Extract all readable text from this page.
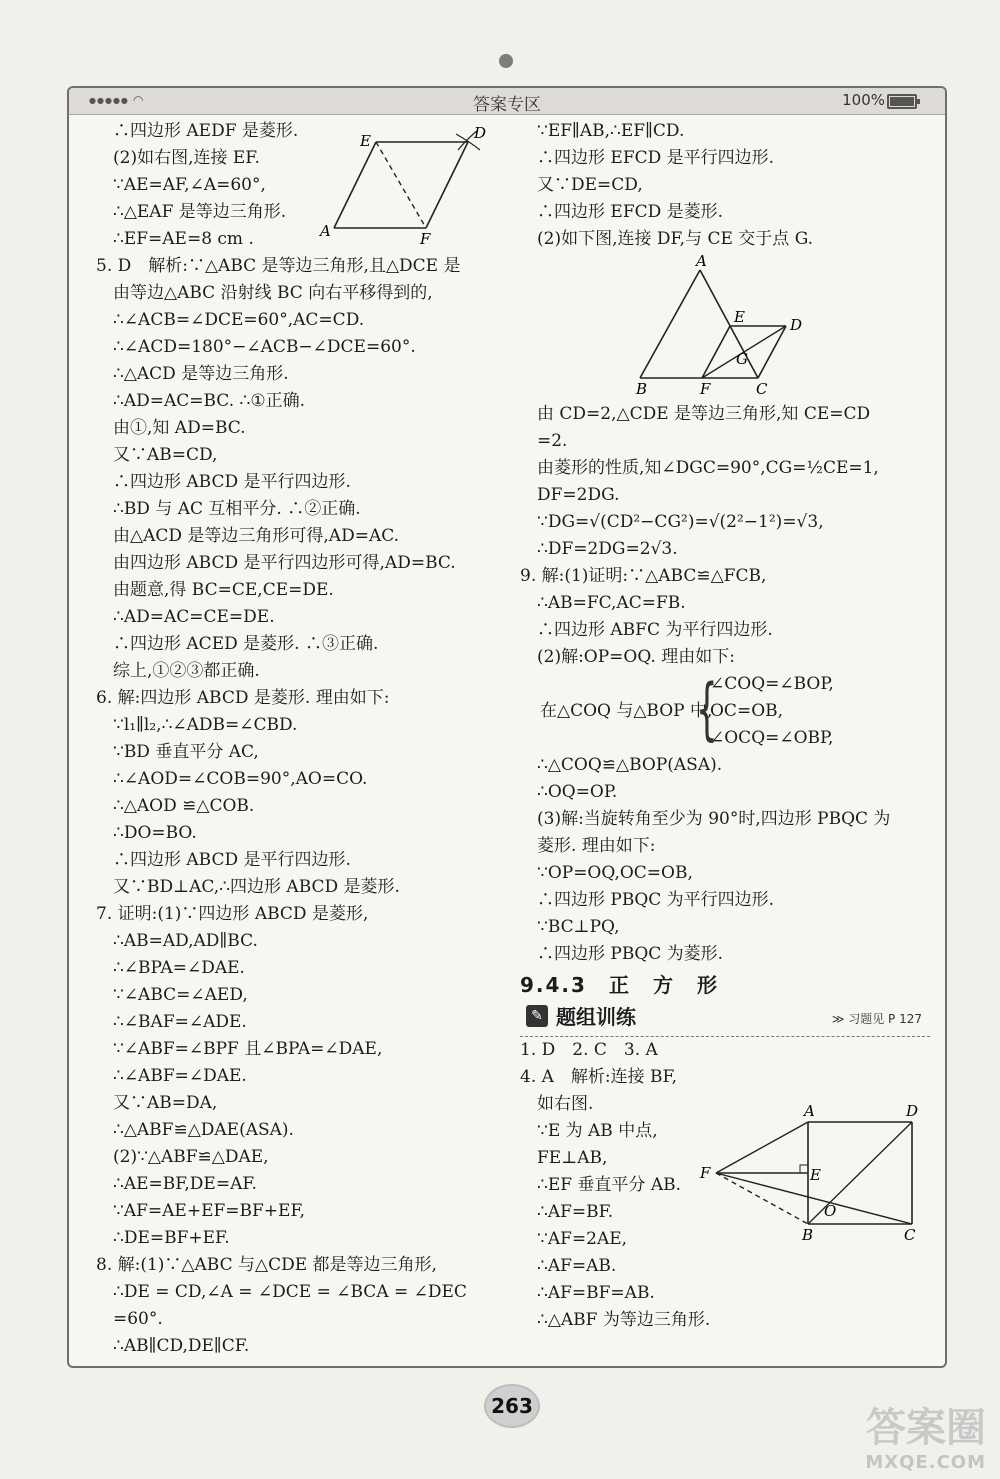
●●●●● ◠	答案专区	100%
∴四边形 AEDF 是菱形.
(2)如右图,连接 EF.
∵AE=AF,∠A=60°,
∴△EAF 是等边三角形.
∴EF=AE=8 cm .
5. D　解析:∵△ABC 是等边三角形,且△DCE 是
由等边△ABC 沿射线 BC 向右平移得到的,
∴∠ACB=∠DCE=60°,AC=CD.
∴∠ACD=180°−∠ACB−∠DCE=60°.
∴△ACD 是等边三角形.
∴AD=AC=BC. ∴①正确.
由①,知 AD=BC.
又∵AB=CD,
∴四边形 ABCD 是平行四边形.
∴BD 与 AC 互相平分. ∴②正确.
由△ACD 是等边三角形可得,AD=AC.
由四边形 ABCD 是平行四边形可得,AD=BC.
由题意,得 BC=CE,CE=DE.
∴AD=AC=CE=DE.
∴四边形 ACED 是菱形. ∴③正确.
综上,①②③都正确.
6. 解:四边形 ABCD 是菱形. 理由如下:
∵l₁∥l₂,∴∠ADB=∠CBD.
∵BD 垂直平分 AC,
∴∠AOD=∠COB=90°,AO=CO.
∴△AOD ≌△COB.
∴DO=BO.
∴四边形 ABCD 是平行四边形.
又∵BD⊥AC,∴四边形 ABCD 是菱形.
7. 证明:(1)∵四边形 ABCD 是菱形,
∴AB=AD,AD∥BC.
∴∠BPA=∠DAE.
∵∠ABC=∠AED,
∴∠BAF=∠ADE.
∵∠ABF=∠BPF 且∠BPA=∠DAE,
∴∠ABF=∠DAE.
又∵AB=DA,
∴△ABF≌△DAE(ASA).
(2)∵△ABF≌△DAE,
∴AE=BF,DE=AF.
∵AF=AE+EF=BF+EF,
∴DE=BF+EF.
8. 解:(1)∵△ABC 与△CDE 都是等边三角形,
∴DE = CD,∠A = ∠DCE = ∠BCA = ∠DEC
=60°.
∴AB∥CD,DE∥CF.
E	D
A	F
∵EF∥AB,∴EF∥CD.
∴四边形 EFCD 是平行四边形.
又∵DE=CD,
∴四边形 EFCD 是菱形.
(2)如下图,连接 DF,与 CE 交于点 G.
由 CD=2,△CDE 是等边三角形,知 CE=CD
=2.
由菱形的性质,知∠DGC=90°,CG=½CE=1,
DF=2DG.
∵DG=√(CD²−CG²)=√(2²−1²)=√3,
∴DF=2DG=2√3.
9. 解:(1)证明:∵△ABC≌△FCB,
∴AB=FC,AC=FB.
∴四边形 ABFC 为平行四边形.
(2)解:OP=OQ. 理由如下:
在△COQ 与△BOP 中,
{
∠COQ=∠BOP,
OC=OB,
∠OCQ=∠OBP,
∴△COQ≌△BOP(ASA).
∴OQ=OP.
(3)解:当旋转角至少为 90°时,四边形 PBQC 为
菱形. 理由如下:
∵OP=OQ,OC=OB,
∴四边形 PBQC 为平行四边形.
∵BC⊥PQ,
∴四边形 PBQC 为菱形.
9.4.3　正　方　形
✎ 题组训练	≫ 习题见 P 127
1. D　2. C　3. A
4. A　解析:连接 BF,
如右图.
∵E 为 AB 中点,
FE⊥AB,
∴EF 垂直平分 AB.
∴AF=BF.
∵AF=2AE,
∴AF=AB.
∴AF=BF=AB.
∴△ABF 为等边三角形.
A
E	D
G
B	F	C
A	D
F	E
O
B	C
263	答案圈
MXQE.COM
